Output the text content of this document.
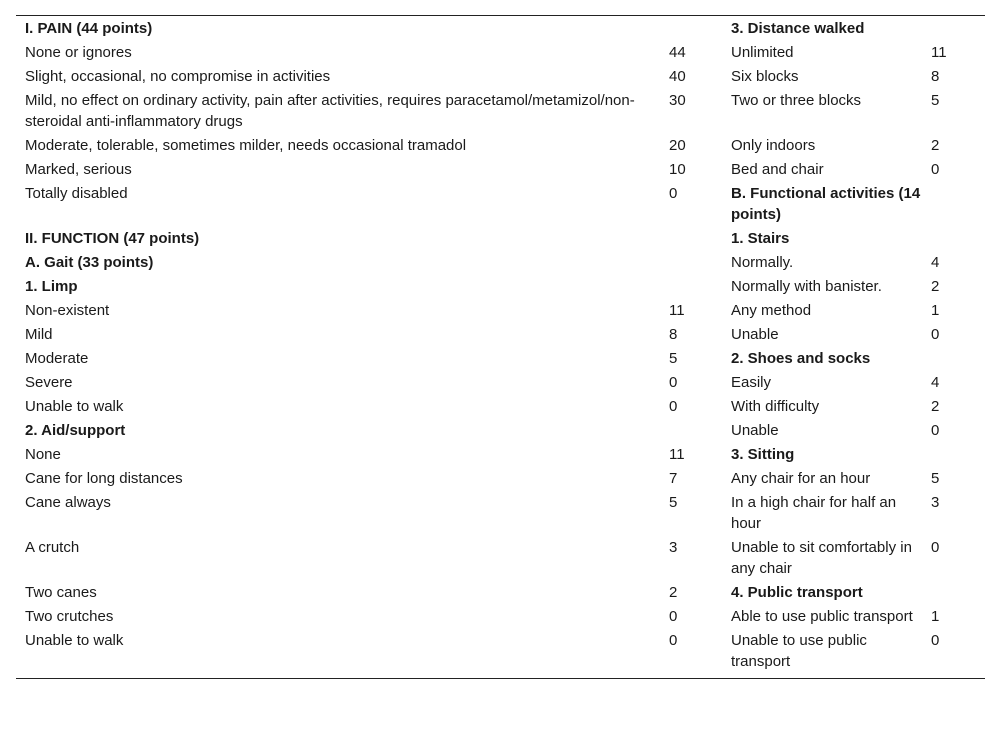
I. PAIN (44 points)		3. Distance walked	
None or ignores	44	Unlimited	11
Slight, occasional, no compromise in activities	40	Six blocks	8
Mild, no effect on ordinary activity, pain after activities, requires paracetamol/metamizol/non-steroidal anti-inflammatory drugs	30	Two or three blocks	5
Moderate, tolerable, sometimes milder, needs occasional tramadol	20	Only indoors	2
Marked, serious	10	Bed and chair	0
Totally disabled	0	B. Functional activities (14 points)	
II. FUNCTION (47 points)		1. Stairs	
A. Gait (33 points)		Normally.	4
1. Limp		Normally with banister.	2
Non-existent	11	Any method	1
Mild	8	Unable	0
Moderate	5	2. Shoes and socks	
Severe	0	Easily	4
Unable to walk	0	With difficulty	2
2. Aid/support		Unable	0
None	11	3. Sitting	
Cane for long distances	7	Any chair for an hour	5
Cane always	5	In a high chair for half an hour	3
A crutch	3	Unable to sit comfortably in any chair	0
Two canes	2	4. Public transport	
Two crutches	0	Able to use public transport	1
Unable to walk	0	Unable to use public transport	0
